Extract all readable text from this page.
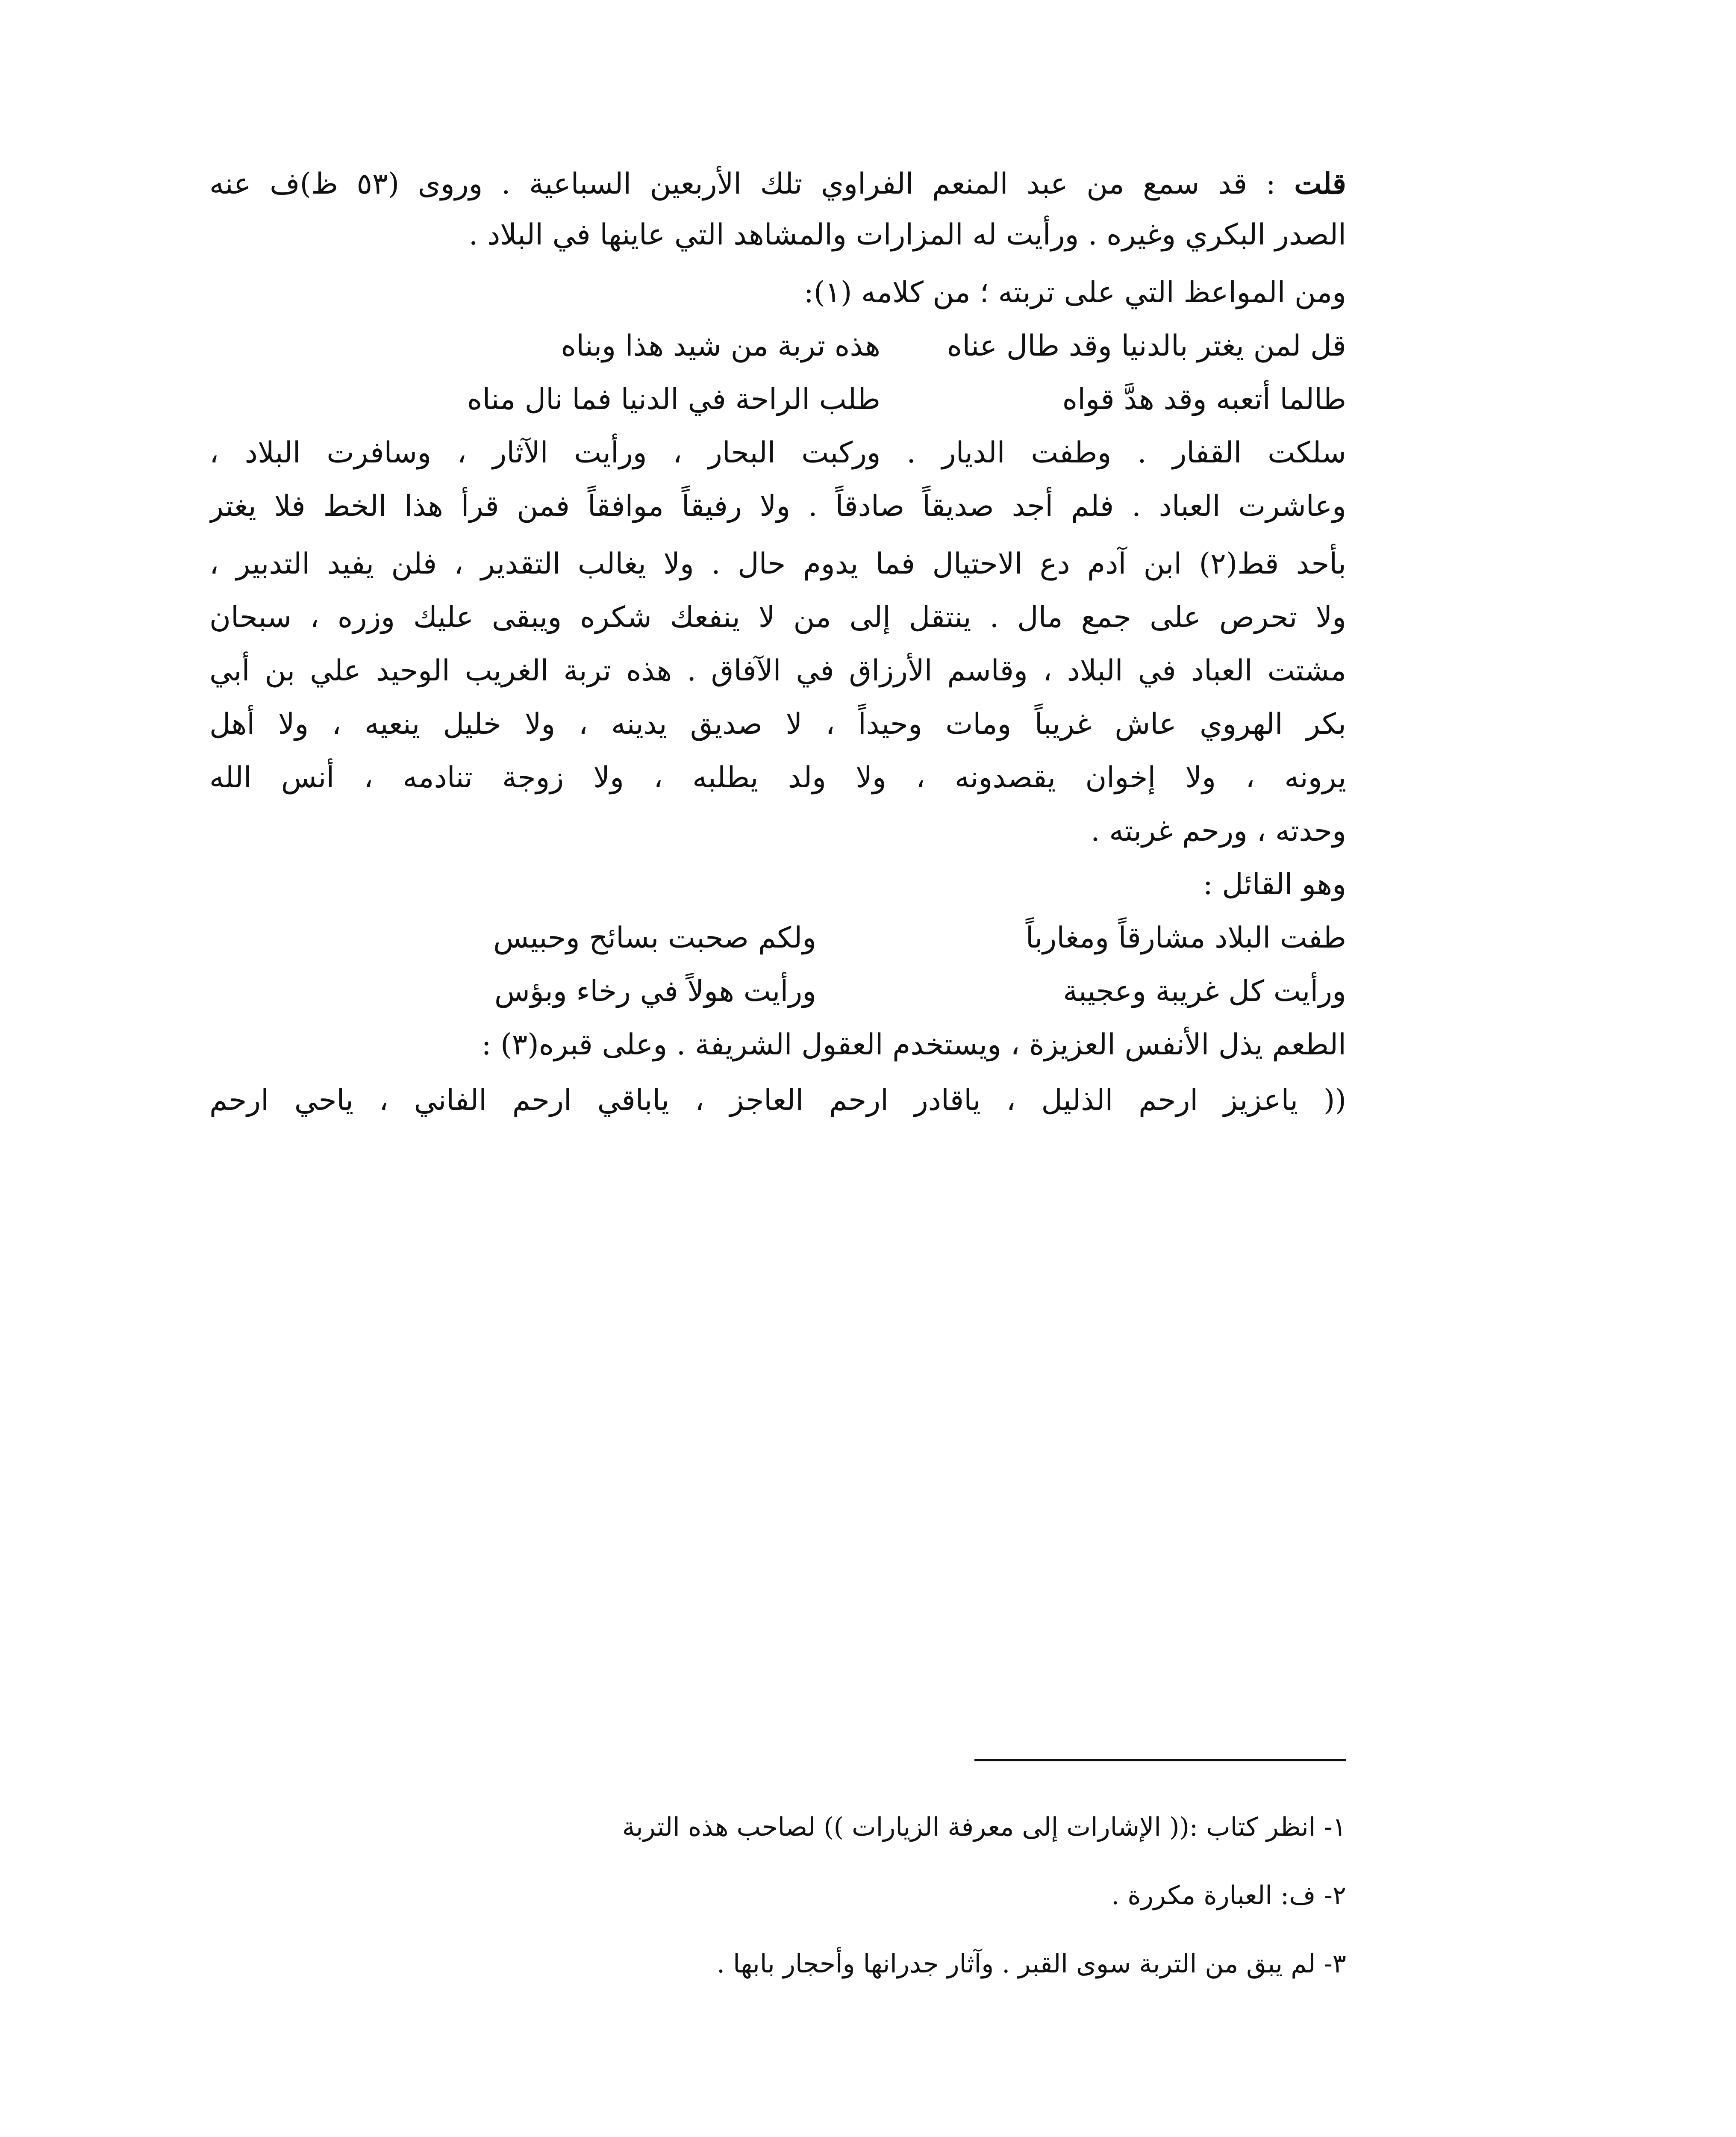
قلت : قد سمع من عبد المنعم الفراوي تلك الأربعين السباعية . وروى (٥٣ ظ)ف عنه
الصدر البكري وغيره . ورأيت له المزارات والمشاهد التي عاينها في البلاد .
ومن المواعظ التي على تربته ؛ من كلامه (١):
قل لمن يغتر بالدنيا وقد طال عناه
هذه تربة من شيد هذا وبناه
طالما أتعبه وقد هدَّ قواه
طلب الراحة في الدنيا فما نال مناه
سلكت القفار . وطفت الديار . وركبت البحار ، ورأيت الآثار ، وسافرت البلاد ،
وعاشرت العباد . فلم أجد صديقاً صادقاً . ولا رفيقاً موافقاً فمن قرأ هذا الخط فلا يغتر
بأحد قط(٢) ابن آدم دع الاحتيال فما يدوم حال . ولا يغالب التقدير ، فلن يفيد التدبير ،
ولا تحرص على جمع مال . ينتقل إلى من لا ينفعك شكره ويبقى عليك وزره ، سبحان
مشتت العباد في البلاد ، وقاسم الأرزاق في الآفاق . هذه تربة الغريب الوحيد علي بن أبي
بكر الهروي عاش غريباً ومات وحيداً ، لا صديق يدينه ، ولا خليل ينعيه ، ولا أهل
يرونه ، ولا إخوان يقصدونه ، ولا ولد يطلبه ، ولا زوجة تنادمه ، أنس الله
وحدته ، ورحم غربته .
وهو القائل :
طفت البلاد مشارقاً ومغارباً
ولكم صحبت بسائح وحبيس
ورأيت كل غريبة وعجيبة
ورأيت هولاً في رخاء وبؤس
الطعم يذل الأنفس العزيزة ، ويستخدم العقول الشريفة . وعلى قبره(٣) :
(( ياعزيز ارحم الذليل ، ياقادر ارحم العاجز ، ياباقي ارحم الفاني ، ياحي ارحم
١- انظر كتاب :(( الإشارات إلى معرفة الزيارات )) لصاحب هذه التربة
٢- ف: العبارة مكررة .
٣- لم يبق من التربة سوى القبر . وآثار جدرانها وأحجار بابها .
